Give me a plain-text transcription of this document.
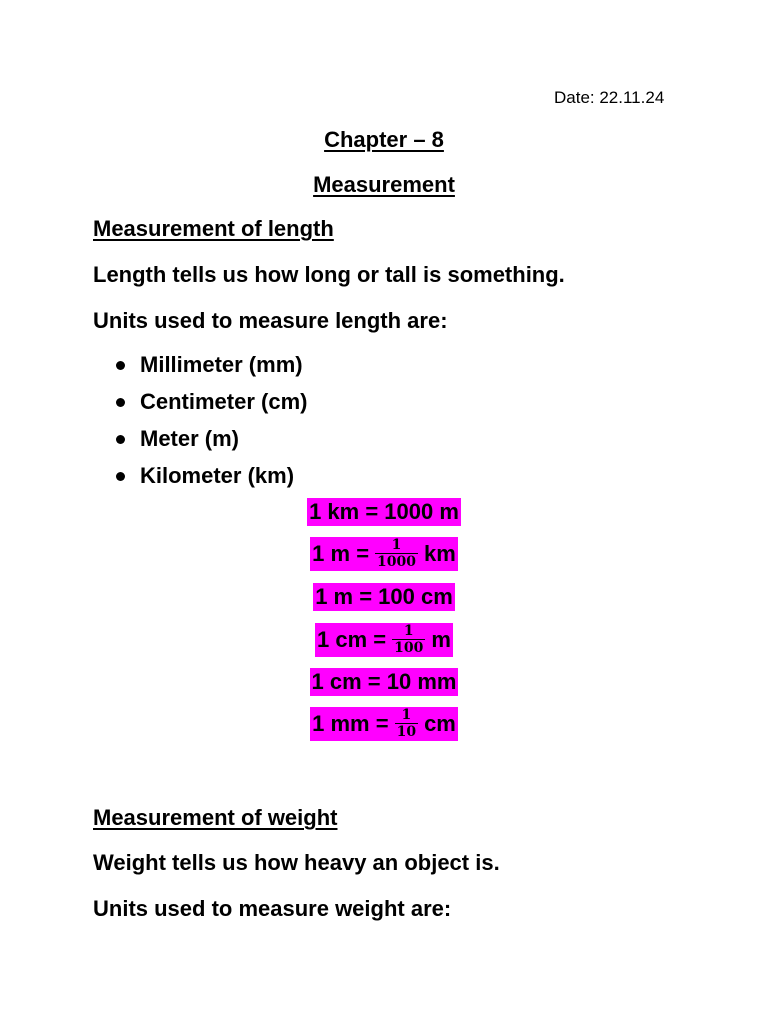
Date: 22.11.24
Chapter – 8
Measurement
Measurement of length
Length tells us how long or tall is something.
Units used to measure length are:
Millimeter (mm)
Centimeter (cm)
Meter (m)
Kilometer (km)
1 km = 1000 m
1 $m = \frac{1}{1000}$ km
1 m = 100 cm
1 cm = $\frac{1}{100}$ m
1 cm = 10 mm
1 mm = $\frac{1}{10}$ cm
Measurement of weight
Weight tells us how heavy an object is.
Units used to measure weight are:
